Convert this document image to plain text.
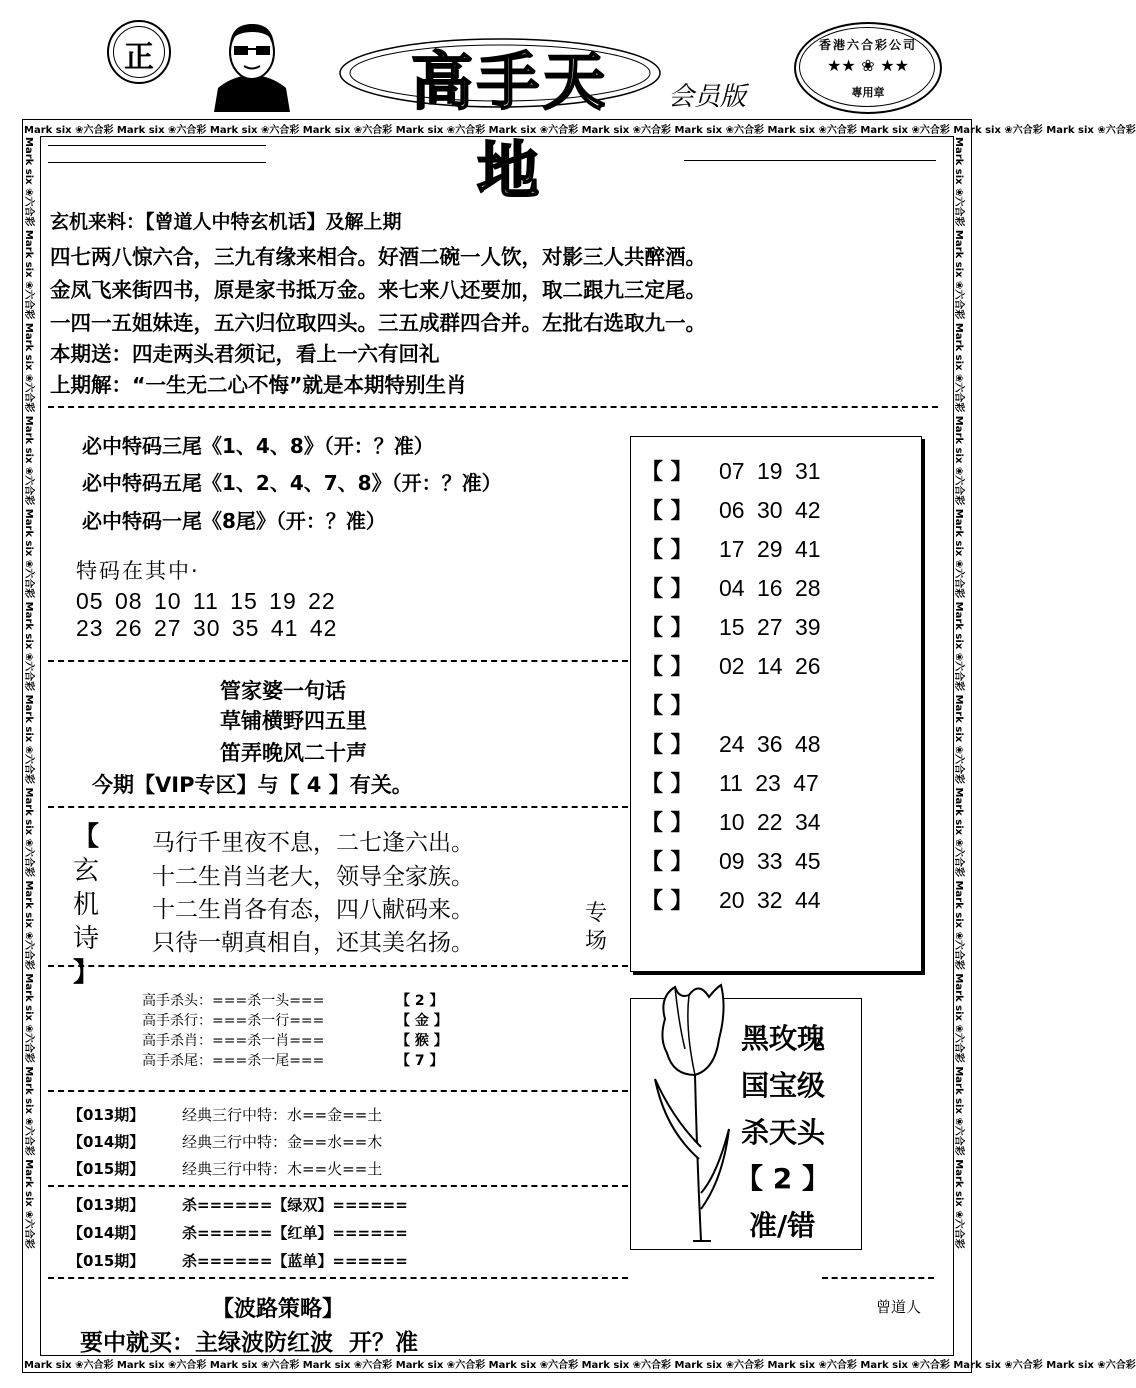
正	高手天地
会员版
香港六合彩公司
★★ ❀ ★★
專用章
Mark six ❀六合彩 Mark six ❀六合彩 Mark six ❀六合彩 Mark six ❀六合彩 Mark six ❀六合彩 Mark six ❀六合彩 Mark six ❀六合彩 Mark six ❀六合彩 Mark six ❀六合彩 Mark six ❀六合彩 Mark six ❀六合彩 Mark six ❀六合彩
Mark six ❀六合彩 Mark six ❀六合彩 Mark six ❀六合彩 Mark six ❀六合彩 Mark six ❀六合彩 Mark six ❀六合彩 Mark six ❀六合彩 Mark six ❀六合彩 Mark six ❀六合彩 Mark six ❀六合彩 Mark six ❀六合彩 Mark six ❀六合彩
Mark six ❀六合彩 Mark six ❀六合彩 Mark six ❀六合彩 Mark six ❀六合彩 Mark six ❀六合彩 Mark six ❀六合彩 Mark six ❀六合彩 Mark six ❀六合彩 Mark six ❀六合彩 Mark six ❀六合彩 Mark six ❀六合彩 Mark six ❀六合彩	Mark six ❀六合彩 Mark six ❀六合彩 Mark six ❀六合彩 Mark six ❀六合彩 Mark six ❀六合彩 Mark six ❀六合彩 Mark six ❀六合彩 Mark six ❀六合彩 Mark six ❀六合彩 Mark six ❀六合彩 Mark six ❀六合彩 Mark six ❀六合彩
玄机来料：【曾道人中特玄机话】及解上期
四七两八惊六合，三九有缘来相合。好酒二碗一人饮，对影三人共醉酒。
金凤飞来街四书，原是家书抵万金。来七来八还要加，取二跟九三定尾。
一四一五姐妹连，五六归位取四头。三五成群四合并。左批右选取九一。
本期送：四走两头君须记，看上一六有回礼
上期解：“一生无二心不悔”就是本期特别生肖
必中特码三尾《1、4、8》（开：？准）
必中特码五尾《1、2、4、7、8》（开：？准）
必中特码一尾《8尾》（开：？准）
特码在其中·
05 08 10 11 15 19 22
23 26 27 30 35 41 42
管家婆一句话
草铺横野四五里
笛弄晚风二十声
今期【VIP专区】与【 4 】有关。
【
玄
机
诗
】
马行千里夜不息，二七逢六出。
十二生肖当老大，领导全家族。
十二生肖各有态，四八献码来。
只待一朝真相自，还其美名扬。
专
场
【 】 07 19 31
【 】 06 30 42
【 】 17 29 41
【 】 04 16 28
【 】 15 27 39
【 】 02 14 26
【 】
【 】 24 36 48
【 】 11 23 47
【 】 10 22 34
【 】 09 33 45
【 】 20 32 44
高手杀头：===杀一头===	【 2 】
高手杀行：===杀一行===	【 金 】
高手杀肖：===杀一肖===	【 猴 】
高手杀尾：===杀一尾===	【 7 】
黑玫瑰
国宝级
杀天头
【 2 】
准/错
【013期】	经典三行中特：水==金==土
【014期】	经典三行中特：金==水==木
【015期】	经典三行中特：木==火==土
【013期】	杀======【绿双】======
【014期】	杀======【红单】======
【015期】	杀======【蓝单】======
【波路策略】
要中就买：主绿波防红波  开？准
曾道人
